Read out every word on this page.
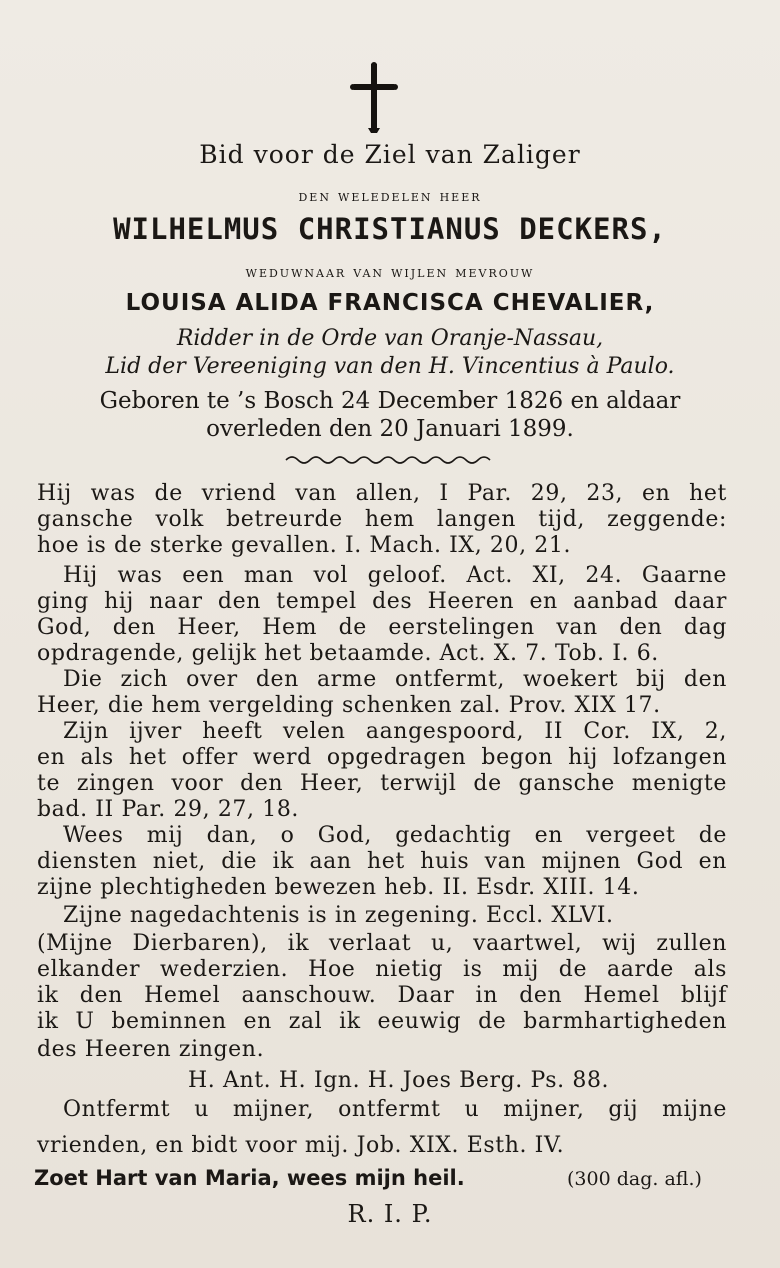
Bid voor de Ziel van Zaliger
den weledelen heer
WILHELMUS CHRISTIANUS DECKERS,
weduwnaar van wijlen mevrouw
LOUISA ALIDA FRANCISCA CHEVALIER,
Ridder in de Orde van Oranje-Nassau,
Lid der Vereeniging van den H. Vincentius à Paulo.
Geboren te ’s Bosch 24 December 1826 en aldaar
overleden den 20 Januari 1899.
Hij was de vriend van allen, I Par. 29, 23, en het
gansche volk betreurde hem langen tijd, zeggende:
hoe is de sterke gevallen. I. Mach. IX, 20, 21.
Hij was een man vol geloof. Act. XI, 24. Gaarne
ging hij naar den tempel des Heeren en aanbad daar
God, den Heer, Hem de eerstelingen van den dag
opdragende, gelijk het betaamde. Act. X. 7. Tob. I. 6.
Die zich over den arme ontfermt, woekert bij den
Heer, die hem vergelding schenken zal. Prov. XIX 17.
Zijn ijver heeft velen aangespoord, II Cor. IX, 2,
en als het offer werd opgedragen begon hij lofzangen
te zingen voor den Heer, terwijl de gansche menigte
bad. II Par. 29, 27, 18.
Wees mij dan, o God, gedachtig en vergeet de
diensten niet, die ik aan het huis van mijnen God en
zijne plechtigheden bewezen heb. II. Esdr. XIII. 14.
Zijne nagedachtenis is in zegening. Eccl. XLVI.
(Mijne Dierbaren), ik verlaat u, vaartwel, wij zullen
elkander wederzien. Hoe nietig is mij de aarde als
ik den Hemel aanschouw. Daar in den Hemel blijf
ik U beminnen en zal ik eeuwig de barmhartigheden
des Heeren zingen.
H. Ant. H. Ign. H. Joes Berg. Ps. 88.
Ontfermt u mijner, ontfermt u mijner, gij mijne
vrienden, en bidt voor mij. Job. XIX. Esth. IV.
Zoet Hart van Maria, wees mijn heil.	(300 dag. afl.)
R. I. P.
